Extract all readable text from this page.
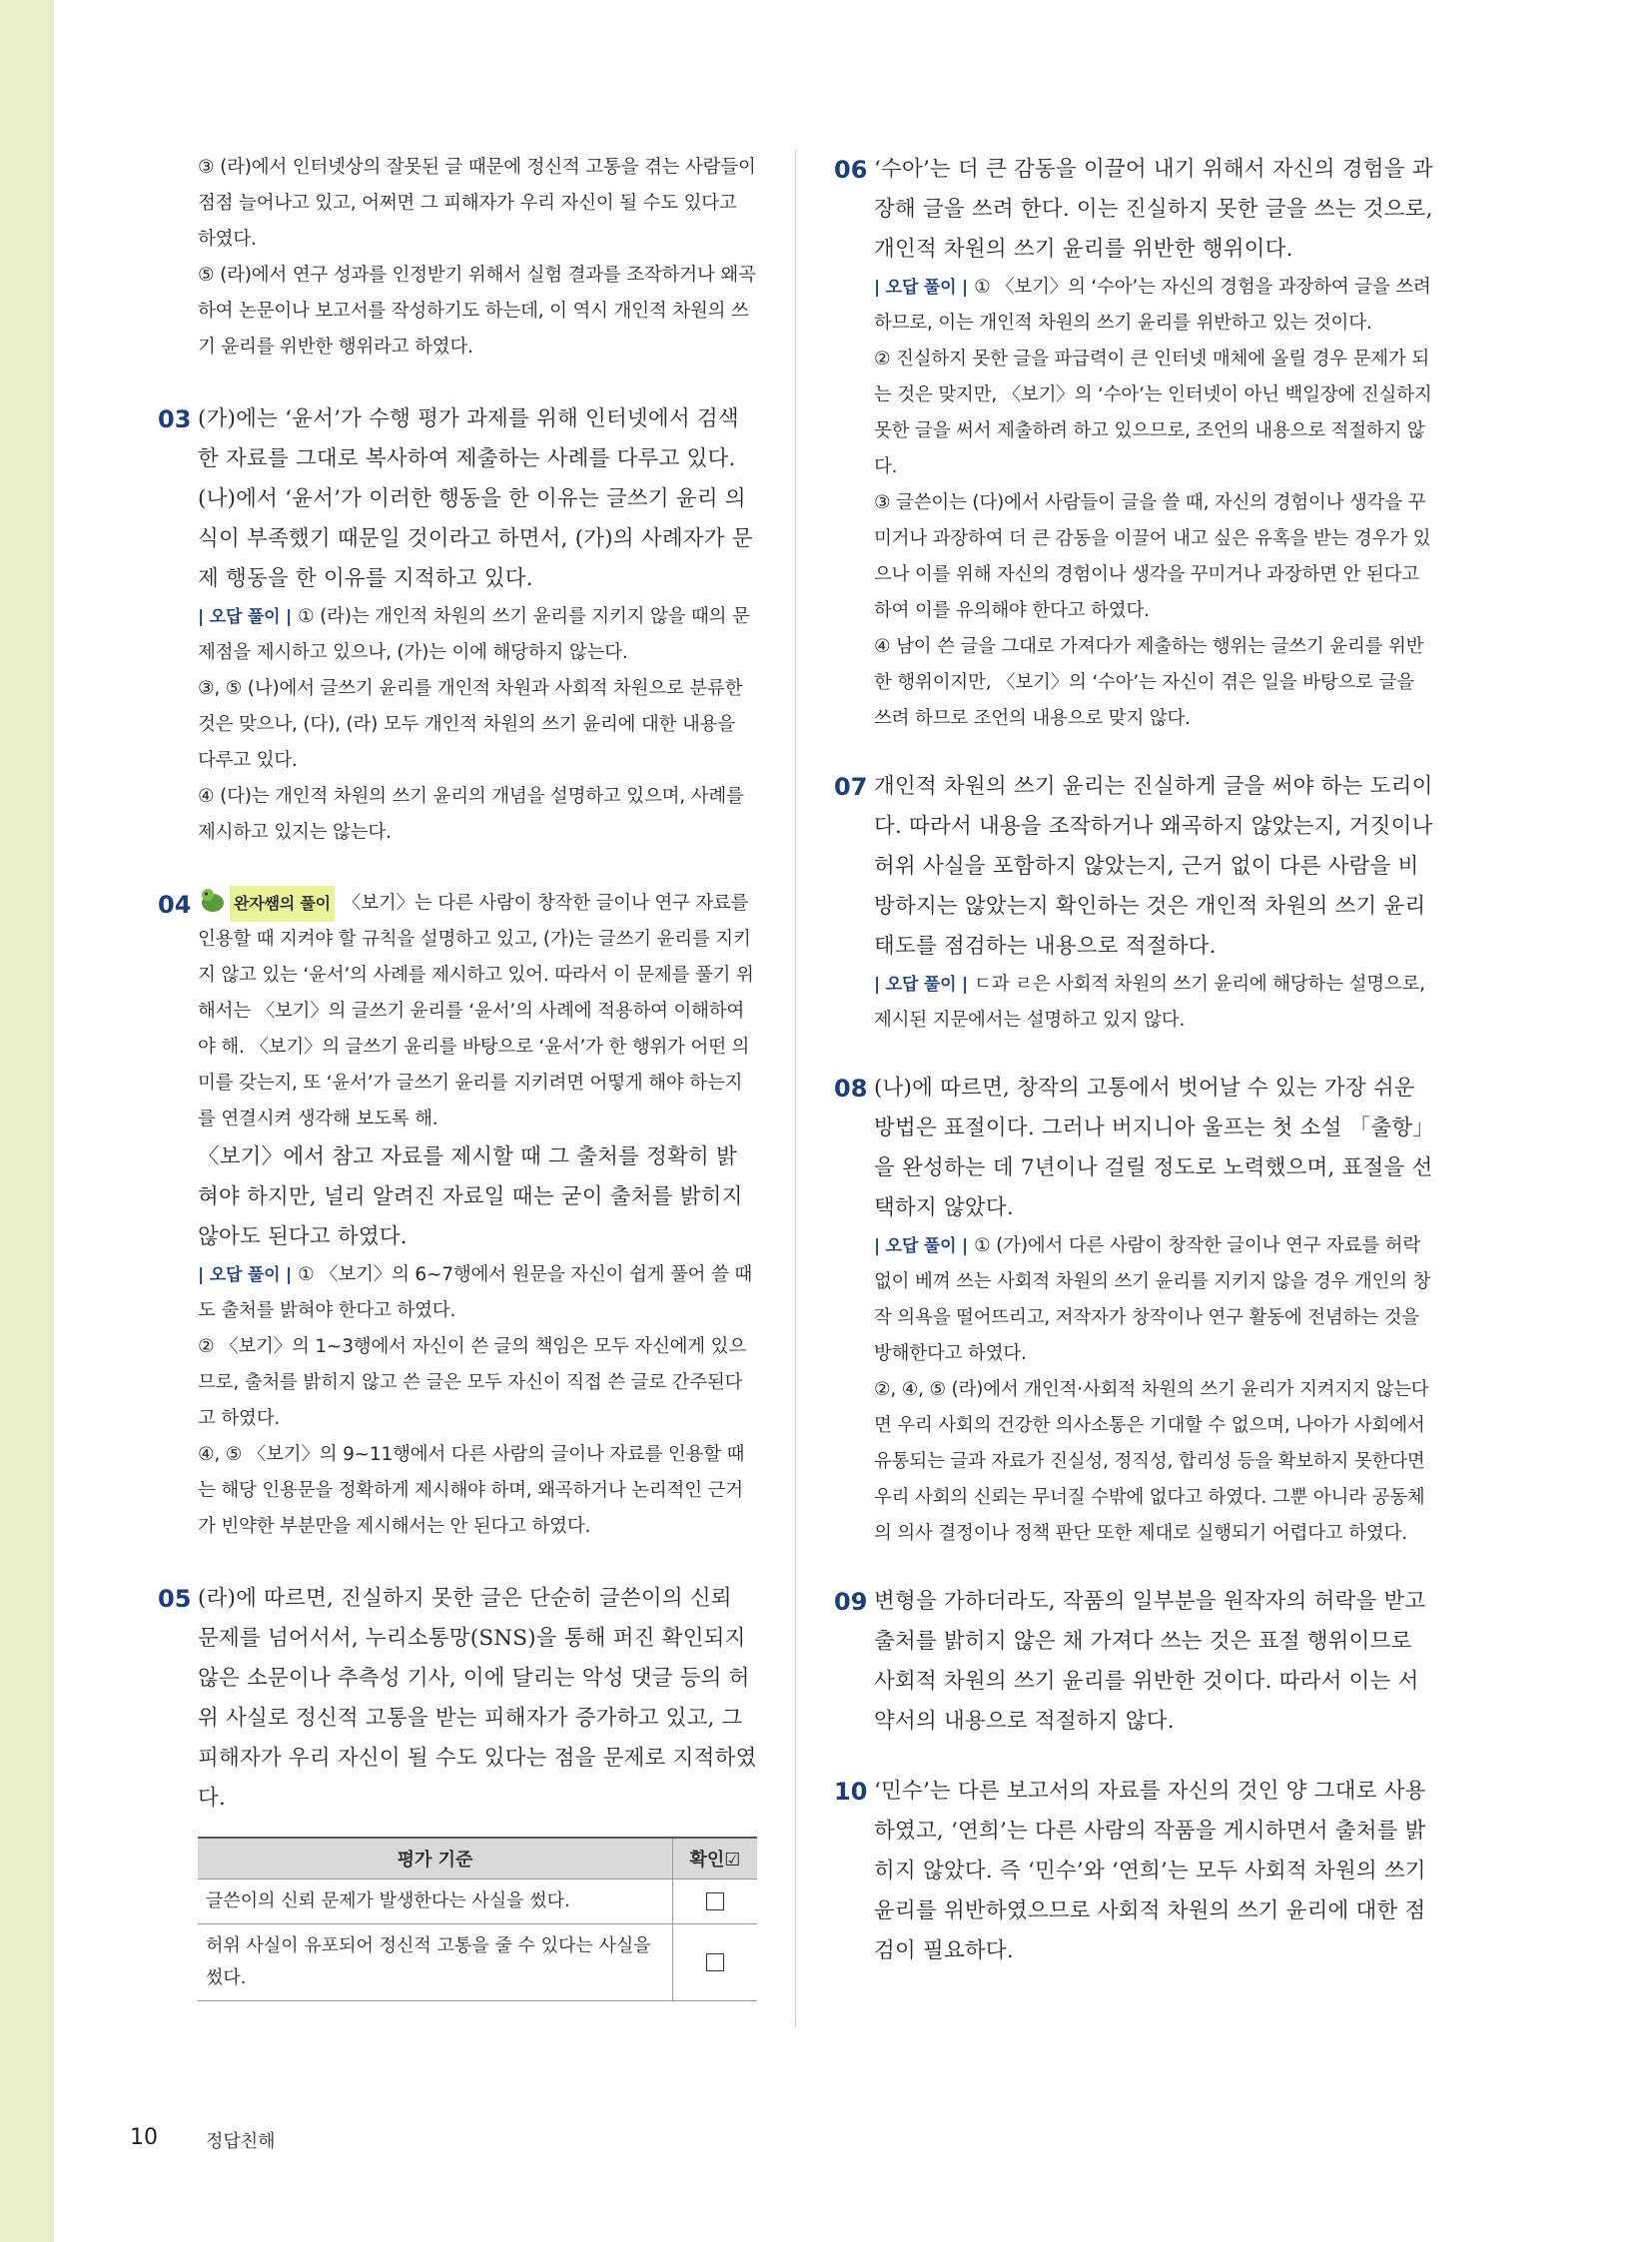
③ (라)에서 인터넷상의 잘못된 글 때문에 정신적 고통을 겪는 사람들이 점점 늘어나고 있고, 어쩌면 그 피해자가 우리 자신이 될 수도 있다고 하였다.

⑤ (라)에서 연구 성과를 인정받기 위해서 실험 결과를 조작하거나 왜곡하여 논문이나 보고서를 작성하기도 하는데, 이 역시 개인적 차원의 쓰기 윤리를 위반한 행위라고 하였다.

03 (가)에는 ‘윤서’가 수행 평가 과제를 위해 인터넷에서 검색한 자료를 그대로 복사하여 제출하는 사례를 다루고 있다. (나)에서 ‘윤서’가 이러한 행동을 한 이유는 글쓰기 윤리 의식이 부족했기 때문일 것이라고 하면서, (가)의 사례자가 문제 행동을 한 이유를 지적하고 있다.

| 오답 풀이 | ① (라)는 개인적 차원의 쓰기 윤리를 지키지 않을 때의 문제점을 제시하고 있으나, (가)는 이에 해당하지 않는다.

③, ⑤ (나)에서 글쓰기 윤리를 개인적 차원과 사회적 차원으로 분류한 것은 맞으나, (다), (라) 모두 개인적 차원의 쓰기 윤리에 대한 내용을 다루고 있다.

④ (다)는 개인적 차원의 쓰기 윤리의 개념을 설명하고 있으며, 사례를 제시하고 있지는 않는다.

04	완자쌤의 풀이 〈보기〉는 다른 사람이 창작한 글이나 연구 자료를 인용할 때 지켜야 할 규칙을 설명하고 있고, (가)는 글쓰기 윤리를 지키지 않고 있는 ‘윤서’의 사례를 제시하고 있어. 따라서 이 문제를 풀기 위해서는 〈보기〉의 글쓰기 윤리를 ‘윤서’의 사례에 적용하여 이해하여야 해. 〈보기〉의 글쓰기 윤리를 바탕으로 ‘윤서’가 한 행위가 어떤 의미를 갖는지, 또 ‘윤서’가 글쓰기 윤리를 지키려면 어떻게 해야 하는지를 연결시켜 생각해 보도록 해.

〈보기〉에서 참고 자료를 제시할 때 그 출처를 정확히 밝혀야 하지만, 널리 알려진 자료일 때는 굳이 출처를 밝히지 않아도 된다고 하였다.

| 오답 풀이 | ① 〈보기〉의 6~7행에서 원문을 자신이 쉽게 풀어 쓸 때도 출처를 밝혀야 한다고 하였다.

② 〈보기〉의 1~3행에서 자신이 쓴 글의 책임은 모두 자신에게 있으므로, 출처를 밝히지 않고 쓴 글은 모두 자신이 직접 쓴 글로 간주된다고 하였다.

④, ⑤ 〈보기〉의 9~11행에서 다른 사람의 글이나 자료를 인용할 때는 해당 인용문을 정확하게 제시해야 하며, 왜곡하거나 논리적인 근거가 빈약한 부분만을 제시해서는 안 된다고 하였다.

05 (라)에 따르면, 진실하지 못한 글은 단순히 글쓴이의 신뢰 문제를 넘어서서, 누리소통망(SNS)을 통해 퍼진 확인되지 않은 소문이나 추측성 기사, 이에 달리는 악성 댓글 등의 허위 사실로 정신적 고통을 받는 피해자가 증가하고 있고, 그 피해자가 우리 자신이 될 수도 있다는 점을 문제로 지적하였다.

평가 기준	확인☑
글쓴이의 신뢰 문제가 발생한다는 사실을 썼다.	
허위 사실이 유포되어 정신적 고통을 줄 수 있다는 사실을 썼다.	
06 ‘수아’는 더 큰 감동을 이끌어 내기 위해서 자신의 경험을 과장해 글을 쓰려 한다. 이는 진실하지 못한 글을 쓰는 것으로, 개인적 차원의 쓰기 윤리를 위반한 행위이다.

| 오답 풀이 | ① 〈보기〉의 ‘수아’는 자신의 경험을 과장하여 글을 쓰려 하므로, 이는 개인적 차원의 쓰기 윤리를 위반하고 있는 것이다.

② 진실하지 못한 글을 파급력이 큰 인터넷 매체에 올릴 경우 문제가 되는 것은 맞지만, 〈보기〉의 ‘수아’는 인터넷이 아닌 백일장에 진실하지 못한 글을 써서 제출하려 하고 있으므로, 조언의 내용으로 적절하지 않다.

③ 글쓴이는 (다)에서 사람들이 글을 쓸 때, 자신의 경험이나 생각을 꾸미거나 과장하여 더 큰 감동을 이끌어 내고 싶은 유혹을 받는 경우가 있으나 이를 위해 자신의 경험이나 생각을 꾸미거나 과장하면 안 된다고 하여 이를 유의해야 한다고 하였다.

④ 남이 쓴 글을 그대로 가져다가 제출하는 행위는 글쓰기 윤리를 위반한 행위이지만, 〈보기〉의 ‘수아’는 자신이 겪은 일을 바탕으로 글을 쓰려 하므로 조언의 내용으로 맞지 않다.

07 개인적 차원의 쓰기 윤리는 진실하게 글을 써야 하는 도리이다. 따라서 내용을 조작하거나 왜곡하지 않았는지, 거짓이나 허위 사실을 포함하지 않았는지, 근거 없이 다른 사람을 비방하지는 않았는지 확인하는 것은 개인적 차원의 쓰기 윤리 태도를 점검하는 내용으로 적절하다.

| 오답 풀이 | ㄷ과 ㄹ은 사회적 차원의 쓰기 윤리에 해당하는 설명으로, 제시된 지문에서는 설명하고 있지 않다.

08 (나)에 따르면, 창작의 고통에서 벗어날 수 있는 가장 쉬운 방법은 표절이다. 그러나 버지니아 울프는 첫 소설 「출항」을 완성하는 데 7년이나 걸릴 정도로 노력했으며, 표절을 선택하지 않았다.

| 오답 풀이 | ① (가)에서 다른 사람이 창작한 글이나 연구 자료를 허락 없이 베껴 쓰는 사회적 차원의 쓰기 윤리를 지키지 않을 경우 개인의 창작 의욕을 떨어뜨리고, 저작자가 창작이나 연구 활동에 전념하는 것을 방해한다고 하였다.

②, ④, ⑤ (라)에서 개인적·사회적 차원의 쓰기 윤리가 지켜지지 않는다면 우리 사회의 건강한 의사소통은 기대할 수 없으며, 나아가 사회에서 유통되는 글과 자료가 진실성, 정직성, 합리성 등을 확보하지 못한다면 우리 사회의 신뢰는 무너질 수밖에 없다고 하였다. 그뿐 아니라 공동체의 의사 결정이나 정책 판단 또한 제대로 실행되기 어렵다고 하였다.

09 변형을 가하더라도, 작품의 일부분을 원작자의 허락을 받고 출처를 밝히지 않은 채 가져다 쓰는 것은 표절 행위이므로 사회적 차원의 쓰기 윤리를 위반한 것이다. 따라서 이는 서약서의 내용으로 적절하지 않다.

10 ‘민수’는 다른 보고서의 자료를 자신의 것인 양 그대로 사용하였고, ‘연희’는 다른 사람의 작품을 게시하면서 출처를 밝히지 않았다. 즉 ‘민수’와 ‘연희’는 모두 사회적 차원의 쓰기 윤리를 위반하였으므로 사회적 차원의 쓰기 윤리에 대한 점검이 필요하다.

10	정답친해
